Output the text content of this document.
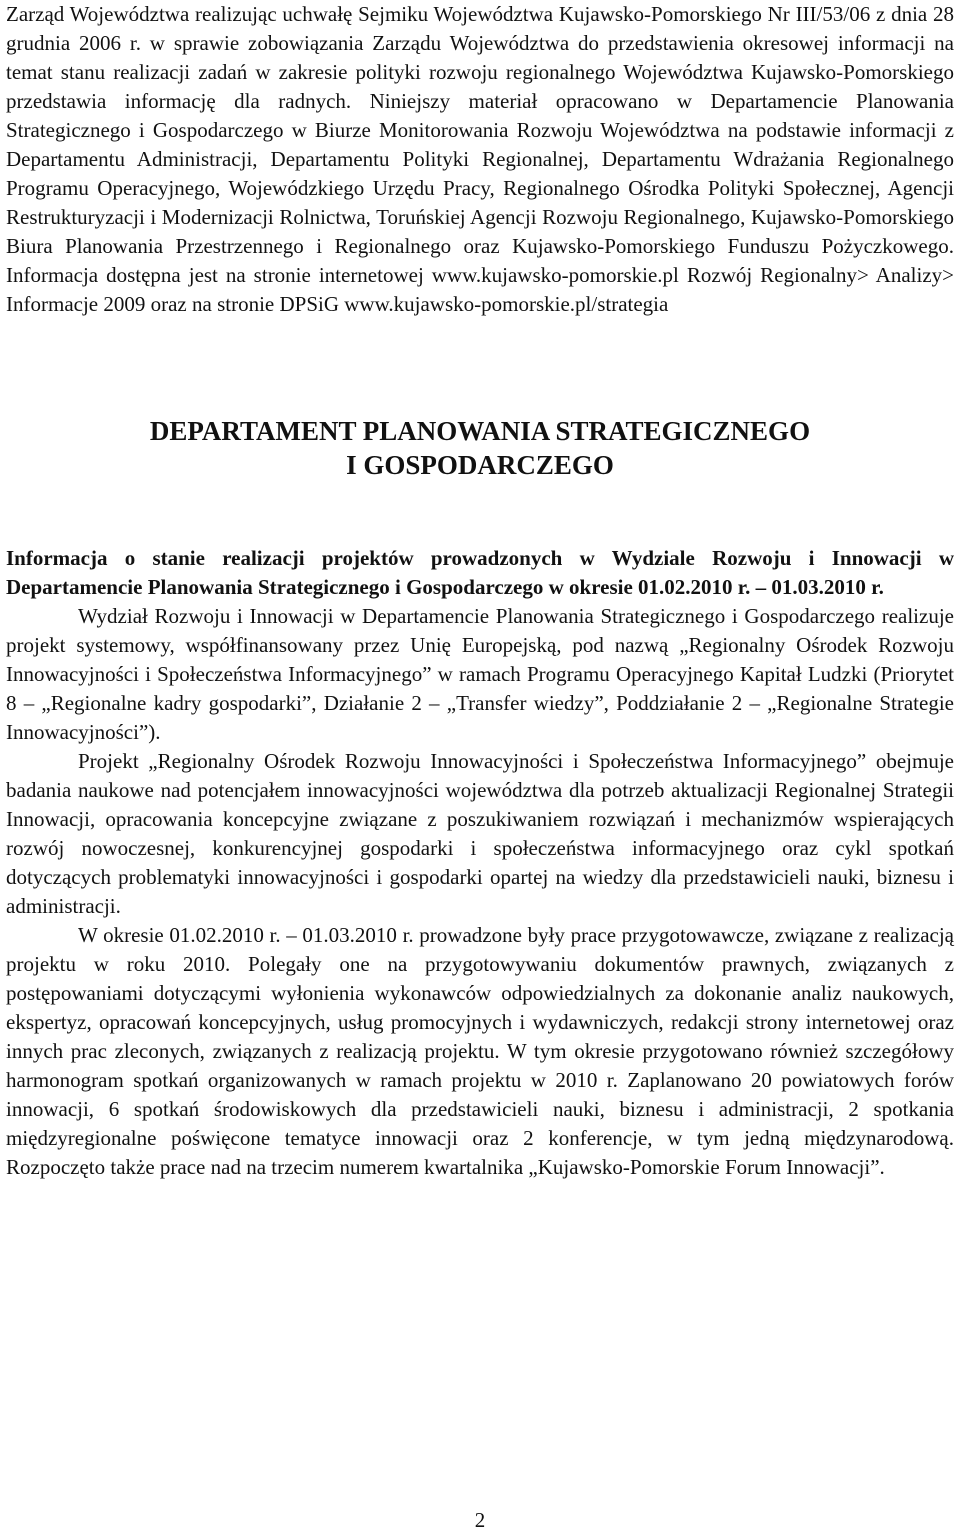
Zarząd Województwa realizując uchwałę Sejmiku Województwa Kujawsko-Pomorskiego Nr III/53/06 z dnia 28 grudnia 2006 r. w sprawie zobowiązania Zarządu Województwa do przedstawienia okresowej informacji na temat stanu realizacji zadań w zakresie polityki rozwoju regionalnego Województwa Kujawsko-Pomorskiego przedstawia informację dla radnych. Niniejszy materiał opracowano w Departamencie Planowania Strategicznego i Gospodarczego w Biurze Monitorowania Rozwoju Województwa na podstawie informacji z Departamentu Administracji, Departamentu Polityki Regionalnej, Departamentu Wdrażania Regionalnego Programu Operacyjnego, Wojewódzkiego Urzędu Pracy, Regionalnego Ośrodka Polityki Społecznej, Agencji Restrukturyzacji i Modernizacji Rolnictwa, Toruńskiej Agencji Rozwoju Regionalnego, Kujawsko-Pomorskiego Biura Planowania Przestrzennego i Regionalnego oraz Kujawsko-Pomorskiego Funduszu Pożyczkowego. Informacja dostępna jest na stronie internetowej www.kujawsko-pomorskie.pl Rozwój Regionalny> Analizy> Informacje 2009 oraz na stronie DPSiG www.kujawsko-pomorskie.pl/strategia

DEPARTAMENT PLANOWANIA STRATEGICZNEGO
I GOSPODARCZEGO

Informacja o stanie realizacji projektów prowadzonych w Wydziale Rozwoju i Innowacji w Departamencie Planowania Strategicznego i Gospodarczego w okresie 01.02.2010 r. – 01.03.2010 r.

Wydział Rozwoju i Innowacji w Departamencie Planowania Strategicznego i Gospodarczego realizuje projekt systemowy, współfinansowany przez Unię Europejską, pod nazwą „Regionalny Ośrodek Rozwoju Innowacyjności i Społeczeństwa Informacyjnego” w ramach Programu Operacyjnego Kapitał Ludzki (Priorytet 8 – „Regionalne kadry gospodarki”, Działanie 2 – „Transfer wiedzy”, Poddziałanie 2 – „Regionalne Strategie Innowacyjności”).

Projekt „Regionalny Ośrodek Rozwoju Innowacyjności i Społeczeństwa Informacyjnego” obejmuje badania naukowe nad potencjałem innowacyjności województwa dla potrzeb aktualizacji Regionalnej Strategii Innowacji, opracowania koncepcyjne związane z poszukiwaniem rozwiązań i mechanizmów wspierających rozwój nowoczesnej, konkurencyjnej gospodarki i społeczeństwa informacyjnego oraz cykl spotkań dotyczących problematyki innowacyjności i gospodarki opartej na wiedzy dla przedstawicieli nauki, biznesu i administracji.

W okresie 01.02.2010 r. – 01.03.2010 r. prowadzone były prace przygotowawcze, związane z realizacją projektu w roku 2010. Polegały one na przygotowywaniu dokumentów prawnych, związanych z postępowaniami dotyczącymi wyłonienia wykonawców odpowiedzialnych za dokonanie analiz naukowych, ekspertyz, opracowań koncepcyjnych, usług promocyjnych i wydawniczych, redakcji strony internetowej oraz innych prac zleconych, związanych z realizacją projektu. W tym okresie przygotowano również szczegółowy harmonogram spotkań organizowanych w ramach projektu w 2010 r. Zaplanowano 20 powiatowych forów innowacji, 6 spotkań środowiskowych dla przedstawicieli nauki, biznesu i administracji, 2 spotkania międzyregionalne poświęcone tematyce innowacji oraz 2 konferencje, w tym jedną międzynarodową. Rozpoczęto także prace nad na trzecim numerem kwartalnika „Kujawsko-Pomorskie Forum Innowacji”.

2
